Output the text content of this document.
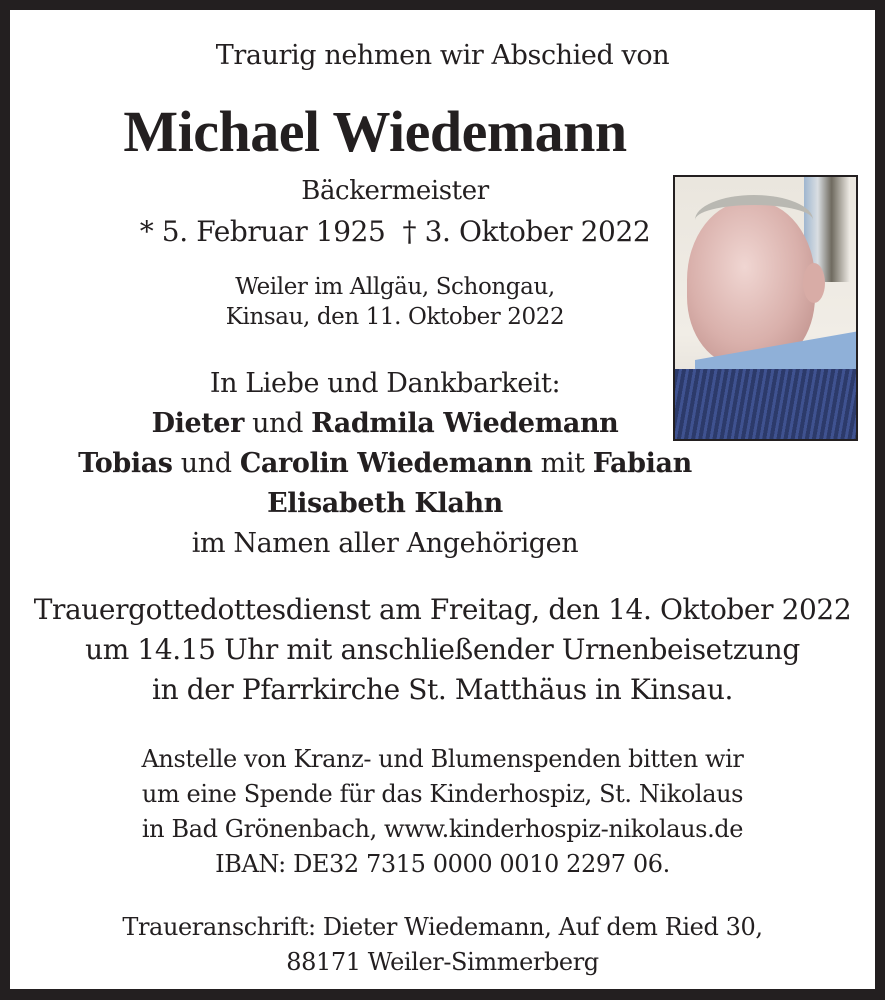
Traurig nehmen wir Abschied von
Michael Wiedemann
Bäckermeister
* 5. Februar 1925 † 3. Oktober 2022
Weiler im Allgäu, Schongau,
Kinsau, den 11. Oktober 2022
In Liebe und Dankbarkeit:
Dieter und Radmila Wiedemann
Tobias und Carolin Wiedemann mit Fabian
Elisabeth Klahn
im Namen aller Angehörigen
Trauergottedottesdienst am Freitag, den 14. Oktober 2022
um 14.15 Uhr mit anschließender Urnenbeisetzung
in der Pfarrkirche St. Matthäus in Kinsau.
Anstelle von Kranz- und Blumenspenden bitten wir
um eine Spende für das Kinderhospiz, St. Nikolaus
in Bad Grönenbach, www.kinderhospiz-nikolaus.de
IBAN: DE32 7315 0000 0010 2297 06.
Traueranschrift: Dieter Wiedemann, Auf dem Ried 30,
88171 Weiler-Simmerberg
